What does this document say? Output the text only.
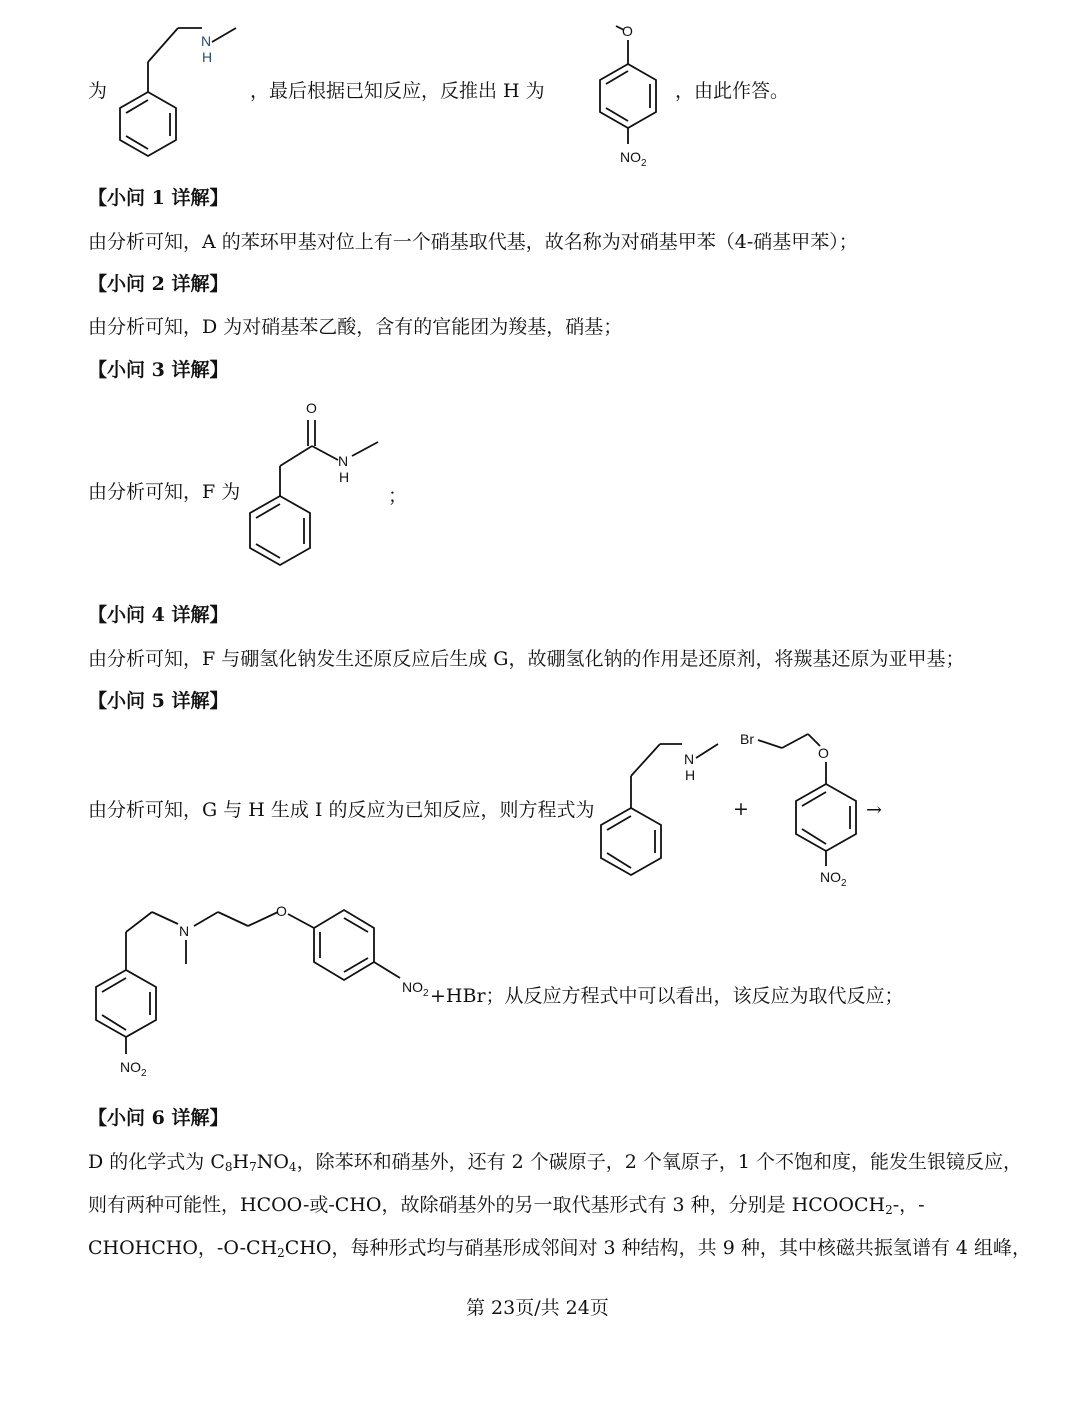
为
N
H
，最后根据已知反应，反推出 H 为
O
NO 2
，由此作答。
【小问 1 详解】
由分析可知，A 的苯环甲基对位上有一个硝基取代基，故名称为对硝基甲苯（4-硝基甲苯）；
【小问 2 详解】
由分析可知，D 为对硝基苯乙酸，含有的官能团为羧基，硝基；
【小问 3 详解】
由分析可知，F 为
O
N
H
；
【小问 4 详解】
由分析可知，F 与硼氢化钠发生还原反应后生成 G，故硼氢化钠的作用是还原剂，将羰基还原为亚甲基；
【小问 5 详解】
由分析可知，G 与 H 生成 I 的反应为已知反应，则方程式为
N
H
+
Br
O
NO 2
→
N
O
NO 2
NO 2
+HBr；从反应方程式中可以看出，该反应为取代反应；
【小问 6 详解】
D 的化学式为 $C_8H_7NO_4$，除苯环和硝基外，还有 2 个碳原子，2 个氧原子，1 个不饱和度，能发生银镜反应，
则有两种可能性，HCOO-或-CHO，故除硝基外的另一取代基形式有 3 种，分别是 $HCOOCH_2-$，-
CHOHCHO，$-O-CH_2CHO$，每种形式均与硝基形成邻间对 3 种结构，共 9 种，其中核磁共振氢谱有 4 组峰，
第 23页/共 24页
